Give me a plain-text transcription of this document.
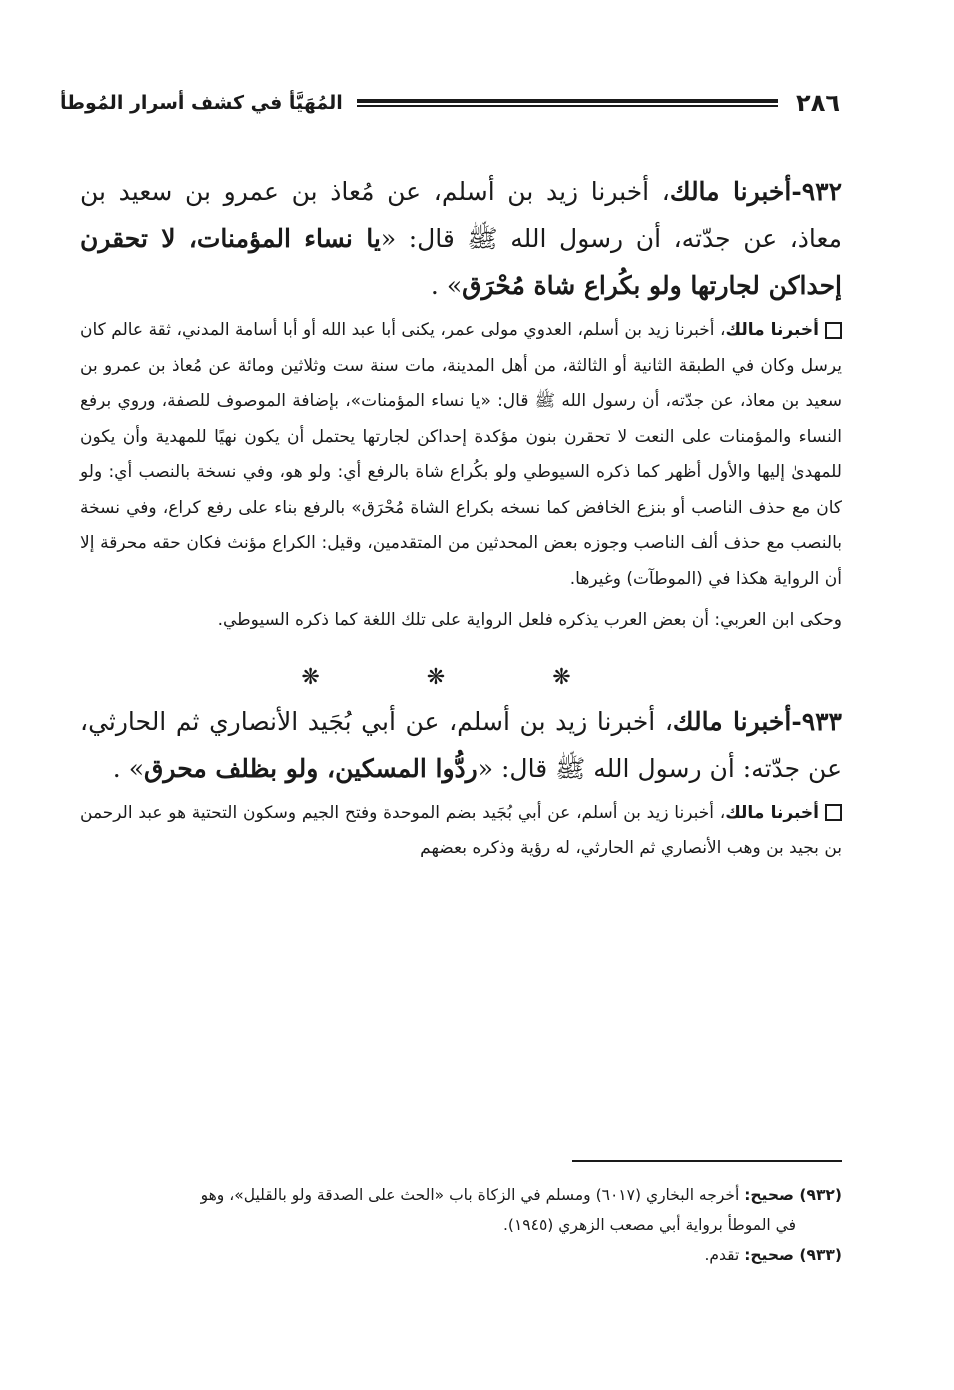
٢٨٦
المُهَيَّأ في كشف أسرار المُوطأ

٩٣٢-أخبرنا مالك، أخبرنا زيد بن أسلم، عن مُعاذ بن عمرو بن سعيد بن معاذ، عن جدّته، أن رسول الله ﷺ قال: «يا نساء المؤمنات، لا تحقرن إحداكن لجارتها ولو بكُراع شاة مُحْرَق» .

أخبرنا مالك، أخبرنا زيد بن أسلم، العدوي مولى عمر، يكنى أبا عبد الله أو أبا أسامة المدني، ثقة عالم كان يرسل وكان في الطبقة الثانية أو الثالثة، من أهل المدينة، مات سنة ست وثلاثين ومائة عن مُعاذ بن عمرو بن سعيد بن معاذ، عن جدّته، أن رسول الله ﷺ قال: «يا نساء المؤمنات»، بإضافة الموصوف للصفة، وروي برفع النساء والمؤمنات على النعت لا تحقرن بنون مؤكدة إحداكن لجارتها يحتمل أن يكون نهيًا للمهدية وأن يكون للمهدىٰ إليها والأول أظهر كما ذكره السيوطي ولو بكُراع شاة بالرفع أي: ولو هو، وفي نسخة بالنصب أي: ولو كان مع حذف الناصب أو بنزع الخافض كما نسخه بكراع الشاة مُحْرَق» بالرفع بناء على رفع كراع، وفي نسخة بالنصب مع حذف ألف الناصب وجوزه بعض المحدثين من المتقدمين، وقيل: الكراع مؤنث فكان حقه محرقة إلا أن الرواية هكذا في (الموطآت) وغيرها.

وحكى ابن العربي: أن بعض العرب يذكره فلعل الرواية على تلك اللغة كما ذكره السيوطي.

❋ ❋ ❋

٩٣٣-أخبرنا مالك، أخبرنا زيد بن أسلم، عن أبي بُجَيد الأنصاري ثم الحارثي، عن جدّته: أن رسول الله ﷺ قال: «ردُّوا المسكين، ولو بظلف محرق» .

أخبرنا مالك، أخبرنا زيد بن أسلم، عن أبي بُجَيد بضم الموحدة وفتح الجيم وسكون التحتية هو عبد الرحمن بن بجيد بن وهب الأنصاري ثم الحارثي، له رؤية وذكره بعضهم

(٩٣٢) صحيح: أخرجه البخاري (٦٠١٧) ومسلم في الزكاة باب «الحث على الصدقة ولو بالقليل»، وهو

في الموطأ برواية أبي مصعب الزهري (١٩٤٥).

(٩٣٣) صحيح: تقدم.
